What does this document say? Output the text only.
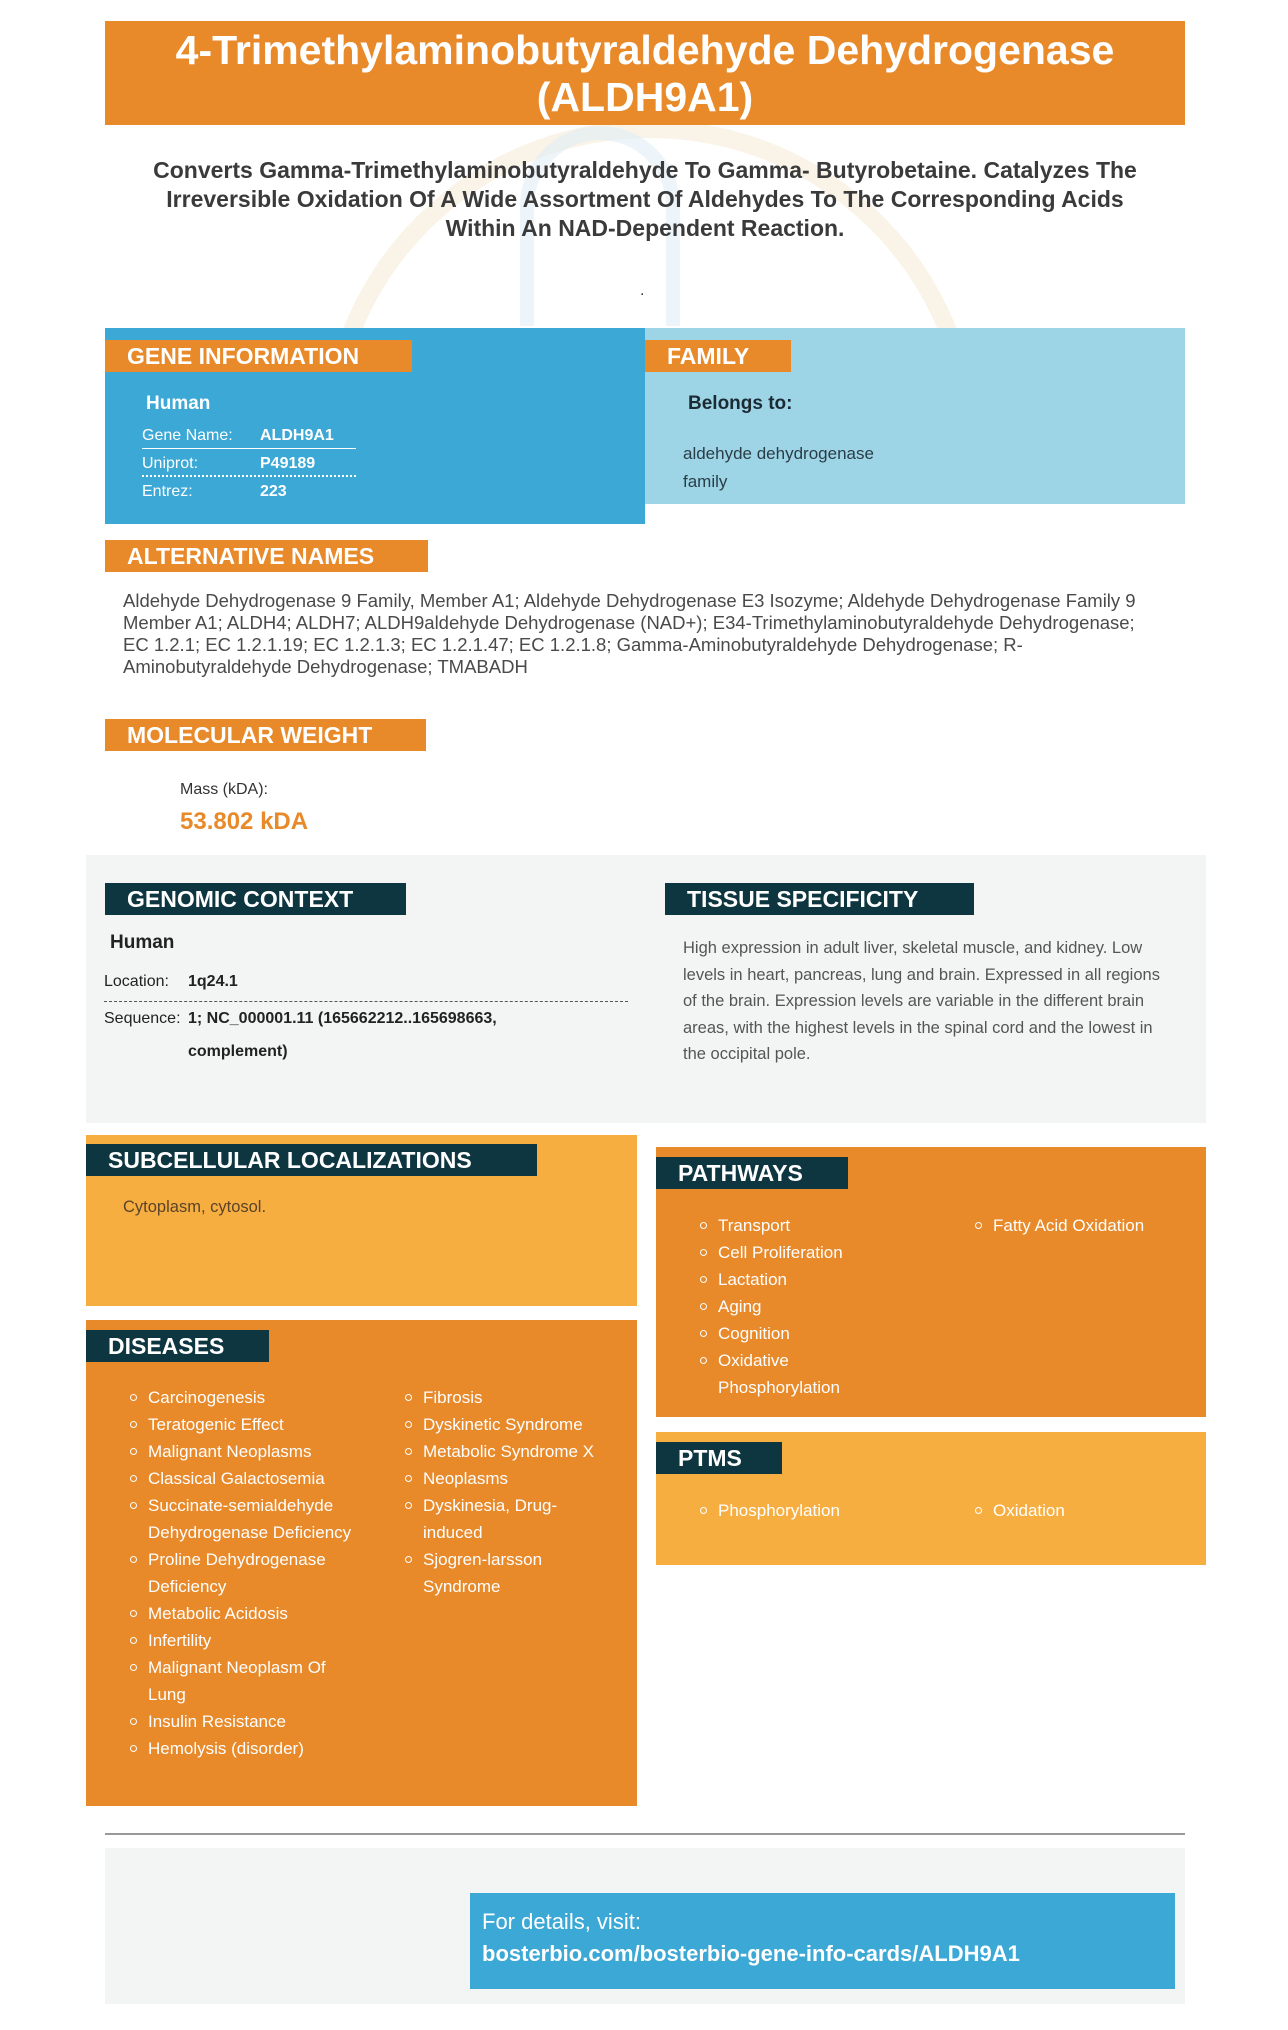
4-Trimethylaminobutyraldehyde Dehydrogenase (ALDH9A1)
Converts Gamma-Trimethylaminobutyraldehyde To Gamma- Butyrobetaine. Catalyzes The Irreversible Oxidation Of A Wide Assortment Of Aldehydes To The Corresponding Acids Within An NAD-Dependent Reaction.
.
GENE INFORMATION
Human
Gene Name: ALDH9A1
Uniprot:	P49189
Entrez:	223
FAMILY
Belongs to:
aldehyde dehydrogenase family
ALTERNATIVE NAMES
Aldehyde Dehydrogenase 9 Family, Member A1; Aldehyde Dehydrogenase E3 Isozyme; Aldehyde Dehydrogenase Family 9 Member A1; ALDH4; ALDH7; ALDH9aldehyde Dehydrogenase (NAD+); E34-Trimethylaminobutyraldehyde Dehydrogenase; EC 1.2.1; EC 1.2.1.19; EC 1.2.1.3; EC 1.2.1.47; EC 1.2.1.8; Gamma-Aminobutyraldehyde Dehydrogenase; R-Aminobutyraldehyde Dehydrogenase; TMABADH
MOLECULAR WEIGHT
Mass (kDA):
53.802 kDA
GENOMIC CONTEXT
Human
Location: 1q24.1
Sequence: 1; NC_000001.11 (165662212..165698663,
complement)
TISSUE SPECIFICITY
High expression in adult liver, skeletal muscle, and kidney. Low levels in heart, pancreas, lung and brain. Expressed in all regions of the brain. Expression levels are variable in the different brain areas, with the highest levels in the spinal cord and the lowest in the occipital pole.
SUBCELLULAR LOCALIZATIONS
Cytoplasm, cytosol.
DISEASES
Carcinogenesis
Teratogenic Effect
Malignant Neoplasms
Classical Galactosemia
Succinate-semialdehyde Dehydrogenase Deficiency
Proline Dehydrogenase Deficiency
Metabolic Acidosis
Infertility
Malignant Neoplasm Of Lung
Insulin Resistance
Hemolysis (disorder)
Fibrosis
Dyskinetic Syndrome
Metabolic Syndrome X
Neoplasms
Dyskinesia, Drug-induced
Sjogren-larsson Syndrome
PATHWAYS
Transport
Cell Proliferation
Lactation
Aging
Cognition
Oxidative Phosphorylation
Fatty Acid Oxidation
PTMS
Phosphorylation	Oxidation
For details, visit:
bosterbio.com/bosterbio-gene-info-cards/ALDH9A1
